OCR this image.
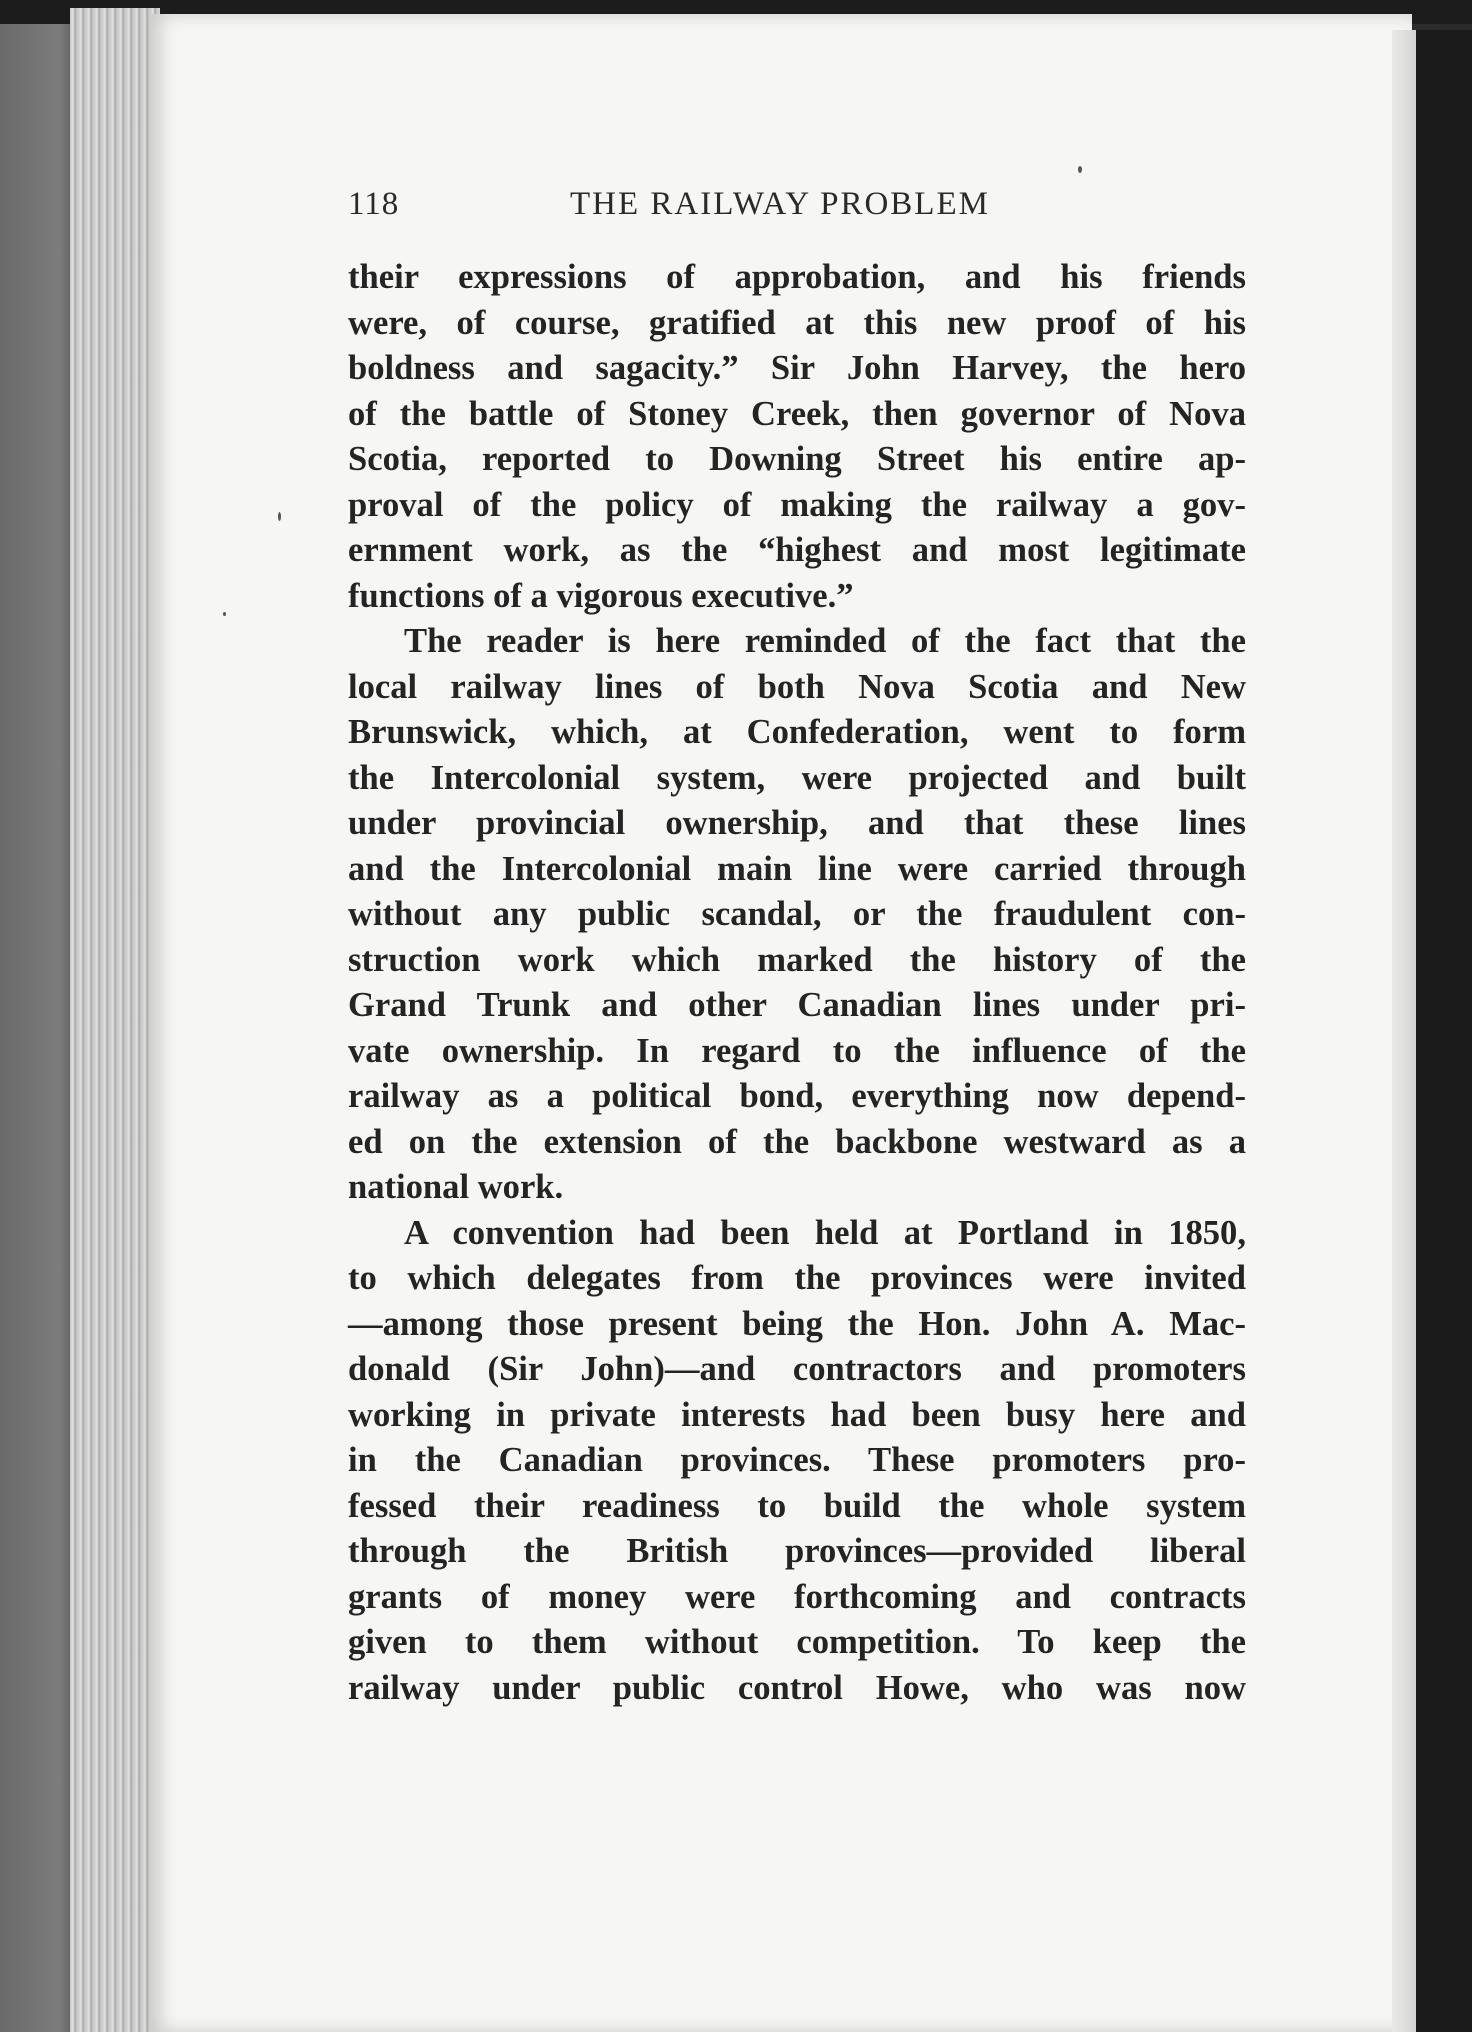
118	THE RAILWAY PROBLEM
their expressions of approbation, and his friends
were, of course, gratified at this new proof of his
boldness and sagacity.” Sir John Harvey, the hero
of the battle of Stoney Creek, then governor of Nova
Scotia, reported to Downing Street his entire ap-
proval of the policy of making the railway a gov-
ernment work, as the “highest and most legitimate
functions of a vigorous executive.”
The reader is here reminded of the fact that the
local railway lines of both Nova Scotia and New
Brunswick, which, at Confederation, went to form
the Intercolonial system, were projected and built
under provincial ownership, and that these lines
and the Intercolonial main line were carried through
without any public scandal, or the fraudulent con-
struction work which marked the history of the
Grand Trunk and other Canadian lines under pri-
vate ownership. In regard to the influence of the
railway as a political bond, everything now depend-
ed on the extension of the backbone westward as a
national work.
A convention had been held at Portland in 1850,
to which delegates from the provinces were invited
—among those present being the Hon. John A. Mac-
donald (Sir John)—and contractors and promoters
working in private interests had been busy here and
in the Canadian provinces. These promoters pro-
fessed their readiness to build the whole system
through the British provinces—provided liberal
grants of money were forthcoming and contracts
given to them without competition. To keep the
railway under public control Howe, who was now
